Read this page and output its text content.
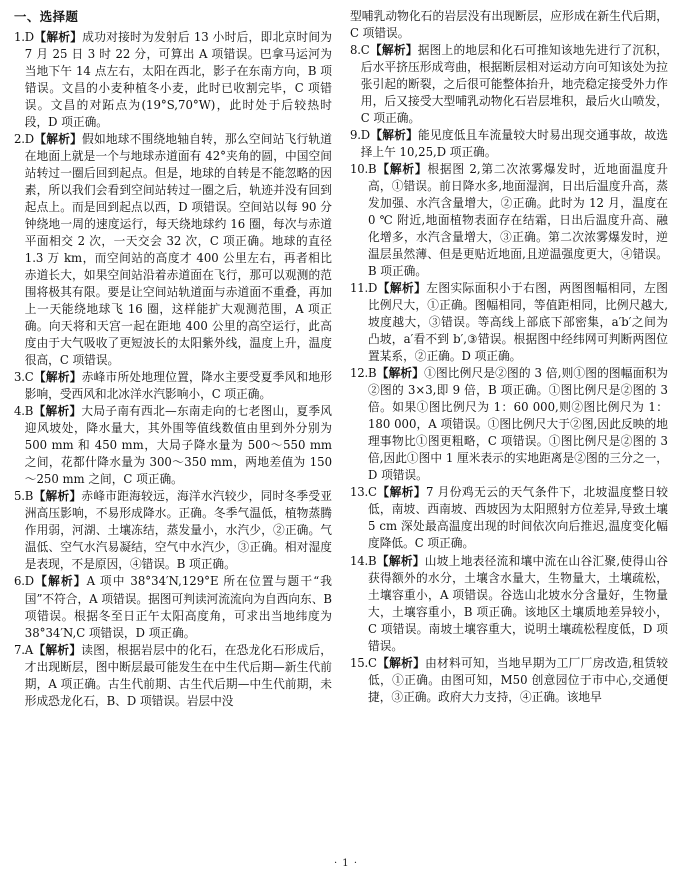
一、选择题
1. D【解析】成功对接时为发射后 13 小时后，即北京时间为 7 月 25 日 3 时 22 分，可算出 A 项错误。巴拿马运河为当地下午 14 点左右，太阳在西北，影子在东南方向，B 项错误。文昌的小麦种植冬小麦，此时已收割完毕，C 项错误。文昌的对跖点为(19°S,70°W)，此时处于后较热时段，D 项正确。
2. D【解析】假如地球不围绕地轴自转，那么空间站飞行轨道在地面上就是一个与地球赤道面有 42°夹角的圆，中国空间站转过一圈后回到起点。但是，地球的自转是不能忽略的因素，所以我们会看到空间站转过一圈之后，轨迹并没有回到起点上。而是回到起点以西，D 项错误。空间站以每 90 分钟绕地一周的速度运行，每天绕地球约 16 圈，每次与赤道平面相交 2 次，一天交会 32 次，C 项正确。地球的直径 1.3 万 km，而空间站的高度才 400 公里左右，再者相比赤道长大，如果空间站沿着赤道面在飞行，那可以观测的范围将极其有限。要是让空间站轨道面与赤道面不重叠，再加上一天能绕地球飞 16 圈，这样能扩大观测范围，A 项正确。向天将和天宫一起在距地 400 公里的高空运行，此高度由于大气吸收了更短波长的太阳紫外线，温度上升，温度很高，C 项错误。
3. C【解析】赤峰市所处地理位置，降水主要受夏季风和地形影响，受西风和北冰洋水汽影响小，C 项正确。
4. B【解析】大局子南有西北—东南走向的七老图山，夏季风迎风坡处，降水量大，其外围等值线数值由里到外分别为 500 mm 和 450 mm，大局子降水量为 500～550 mm 之间，花都什降水量为 300～350 mm，两地差值为 150～250 mm 之间，C 项正确。
5. B【解析】赤峰市距海较远，海洋水汽较少，同时冬季受亚洲高压影响，不易形成降水。正确。冬季气温低，植物蒸腾作用弱，河湖、土壤冻结，蒸发量小，水汽少，②正确。气温低、空气水汽易凝结，空气中水汽少，③正确。相对湿度是表现，不是原因，④错误。B 项正确。
6. D【解析】A 项中 38°34′N,129°E 所在位置与题干“我国”不符合，A 项错误。据图可判读河流流向为自西向东、B 项错误。根据冬至日正午太阳高度角，可求出当地纬度为 38°34′N,C 项错误，D 项正确。
7. A【解析】读图，根据岩层中的化石，在恐龙化石形成后，才出现断层，图中断层最可能发生在中生代后期—新生代前期，A 项正确。古生代前期、古生代后期—中生代前期，未形成恐龙化石，B、D 项错误。岩层中没
型哺乳动物化石的岩层没有出现断层，应形成在新生代后期，C 项错误。
8. C【解析】据图上的地层和化石可推知该地先进行了沉积，后水平挤压形成弯曲，根据断层相对运动方向可知该处为拉张引起的断裂，之后很可能整体抬升，地壳稳定接受外力作用，后又接受大型哺乳动物化石岩层堆积，最后火山喷发，C 项正确。
9. D【解析】能见度低且车流量较大时易出现交通事故，故选择上午 10,25,D 项正确。
10. B【解析】根据图 2,第二次浓雾爆发时，近地面温度升高，①错误。前日降水多,地面湿润，日出后温度升高，蒸发加强、水汽含量增大，②正确。此时为 12 月，温度在 0 ℃ 附近,地面植物表面存在结霜，日出后温度升高、融化增多，水汽含量增大，③正确。第二次浓雾爆发时，逆温层虽然薄、但是更贴近地面,且逆温强度更大，④错误。B 项正确。
11. D【解析】左图实际面积小于右图，两图图幅相同，左图比例尺大，①正确。图幅相同，等值距相同，比例尺越大,坡度越大，③错误。等高线上部底下部密集，a′b′之间为凸坡，a′看不到 b′,③错误。根据图中经纬网可判断两图位置某系，②正确。D 项正确。
12. B【解析】①图比例尺是②图的 3 倍,则①图的图幅面积为②图的 3×3,即 9 倍，B 项正确。①图比例尺是②图的 3 倍。如果①图比例尺为 1：60 000,则②图比例尺为 1：180 000，A 项错误。①图比例尺大于②图,因此反映的地理事物比①图更粗略，C 项错误。①图比例尺是②图的 3 倍,因此①图中 1 厘米表示的实地距离是②图的三分之一，D 项错误。
13. C【解析】7 月份鸡无云的天气条件下，北坡温度整日较低，南坡、西南坡、西坡因为太阳照射方位差异,导致土壤 5 cm 深处最高温度出现的时间依次向后推迟,温度变化幅度降低。C 项正确。
14. B【解析】山坡上地表径流和壤中流在山谷汇聚,使得山谷获得额外的水分，土壤含水量大，生物量大，土壤疏松，土壤容重小，A 项错误。谷选山北坡水分含量好，生物量大，土壤容重小，B 项正确。该地区土壤质地差异较小，C 项错误。南坡土壤容重大，说明土壤疏松程度低，D 项错误。
15. C【解析】由材料可知，当地早期为工厂厂房改造,租赁较低，①正确。由图可知，M50 创意园位于市中心,交通便捷，③正确。政府大力支持，④正确。该地早
· 1 ·
